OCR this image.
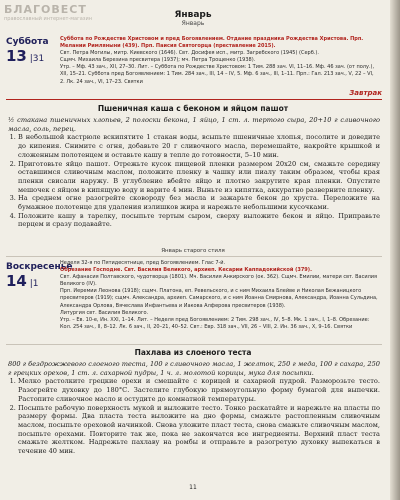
БЛАГОВЕСТ
православный интернет-магазин	Январь
Январь
Суббота
13 |31
Суббота по Рождестве Христовом и пред Богоявлением. Отдание праздника Рождества Христова. Прп. Мелании Римляныни (439). Прп. Паисия Святогорца (преставление 2015).
Свт. Петра Могилы, митр. Киевского (1646). Свт. Досифея исп., митр. Загребского (1945) (Серб.).
Сщмч. Михаила Березина пресвитера (1937); мч. Петра Трощенко (1938).
Утр. – Мф. 43 зач., XII, 27–30. Лит. – Суббота по Рождестве Христовом: 1 Тим. 288 зач. VI, 11–16. Мф. 46 зач. (от полу.), XII, 15–21. Суббота пред Богоявлением: 1 Тим. 284 зач., III, 14 – IV, 5. Мф. 6 зач., III, 1–11. Прп.: Гал. 213 зач., V, 22 – VI, 2. Лк. 24 зач., VI, 17–23. Святки
Завтрак
Пшеничная каша с беконом и яйцом пашот

½ стакана пшеничных хлопьев, 2 полоски бекона, 1 яйцо, 1 ст. л. тертого сыра, 20+10 г сливочного масла, соль, перец.

1. В небольшой кастрюле вскипятите 1 стакан воды, всыпьте пшеничные хлопья, посолите и доведите до кипения. Снимите с огня, добавьте 20 г сливочного масла, перемешайте, накройте крышкой и сложенным полотенцем и оставьте кашу в тепле до готовности, 5–10 мин.
2. Приготовьте яйцо пашот. Отрежьте кусок пищевой пленки размером 20х20 см, смажьте середину оставшимся сливочным маслом, положите пленку в чашку или пиалу таким образом, чтобы края пленки свисали наружу. В углубление вбейте яйцо и плотно закрутите края пленки. Опустите мешочек с яйцом в кипящую воду и варите 4 мин. Выньте из кипятка, аккуратно разверните пленку.
3. На среднем огне разогрейте сковороду без масла и зажарьте бекон до хруста. Переложите на бумажное полотенце для удаления излишков жира и нарежьте небольшими кусочками.
4. Положите кашу в тарелку, посыпьте тертым сыром, сверху выложите бекон и яйцо. Приправьте перцем и сразу подавайте.
Январь старого стиля
Воскресенье
14 |1
Неделя 32-я по Пятидесятнице, пред Богоявлением. Глас 7-й.
Обрезание Господне. Свт. Василия Великого, архиеп. Кесарии Каппадокийской (379).
Свт. Афанасия Полтавского, чудотворца (1801). Мч. Василия Анкирского (ок. 362). Сщмч. Емилии, матери свт. Василия Великого (IV).
Прп. Иеремии Леонова (1918); сщмч. Платона, еп. Ревельского, и с ним Михаила Блейве и Николая Бежаницкого пресвитеров (1919); сщмч. Александра, архиеп. Самарского, и с ним Иоанна Смирнова, Александра, Иоанна Сульдина, Александра Орлова, Вячеслава Инфантьева и Иакова Алферова пресвитеров (1938).
Литургия свт. Василия Великого.
Утр. – Ев. 10-е, Ин. XXI, 1–14. Лит. – Неделя пред Богоявлением: 2 Тим. 298 зач., IV, 5–8. Мк. 1 зач., I, 1–8. Обрезание: Кол. 254 зач., II, 8–12. Лк. 6 зач., II, 20–21, 40–52. Свт.: Евр. 318 зач., VII, 26 – VIII, 2. Ин. 36 зач., X, 9–16. Святки
Пахлава из слоеного теста

800 г бездрожжевого слоеного теста, 100 г сливочного масла, 1 желток, 250 г меда, 100 г сахара, 250 г грецких орехов, 1 ст. л. сахарной пудры, 1 ч. л. молотой корицы, мука для посыпки.

1. Мелко растолките грецкие орехи и смешайте с корицей и сахарной пудрой. Разморозьте тесто. Разогрейте духовку до 180°С. Застелите глубокую прямоугольную форму бумагой для выпечки. Растопите сливочное масло и остудите до комнатной температуры.
2. Посыпьте рабочую поверхность мукой и выложите тесто. Тонко раскатайте и нарежьте на пласты по размеру формы. Два пласта теста выложите на дно формы, смажьте растопленным сливочным маслом, посыпьте ореховой начинкой. Снова уложите пласт теста, снова смажьте сливочным маслом, посыпьте орехами. Повторите так же, пока не закончатся все ингредиенты. Верхний пласт теста смажьте желтком. Надрежьте пахлаву на ромбы и отправьте в разогретую духовку выпекаться в течение 40 мин.
11
